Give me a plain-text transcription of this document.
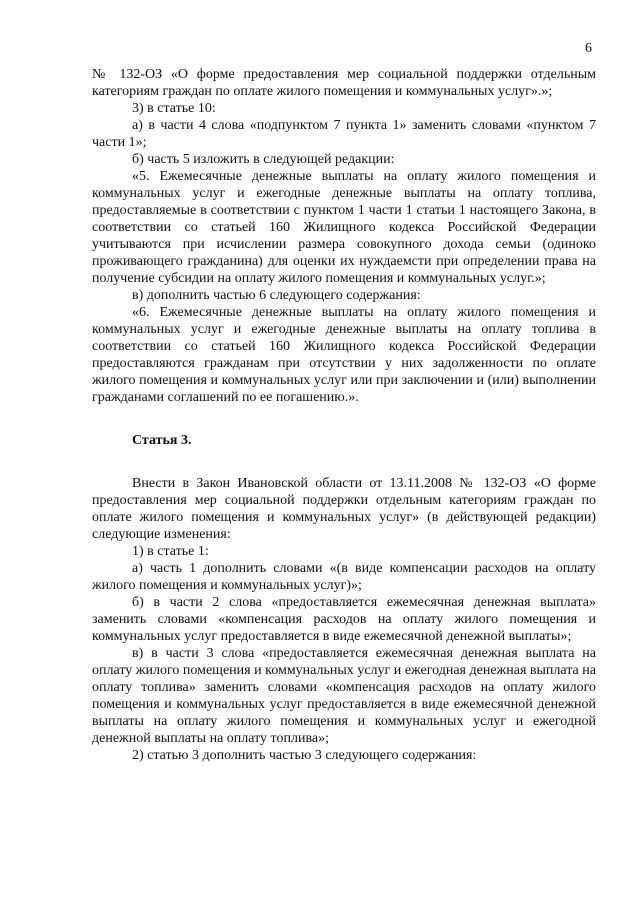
6

№ 132-ОЗ «О форме предоставления мер социальной поддержки отдельным категориям граждан по оплате жилого помещения и коммунальных услуг».»;

3) в статье 10:

а) в части 4 слова «подпунктом 7 пункта 1» заменить словами «пунктом 7 части 1»;

б) часть 5 изложить в следующей редакции:

«5. Ежемесячные денежные выплаты на оплату жилого помещения и коммунальных услуг и ежегодные денежные выплаты на оплату топлива, предоставляемые в соответствии с пунктом 1 части 1 статьи 1 настоящего Закона, в соответствии со статьей 160 Жилищного кодекса Российской Федерации учитываются при исчислении размера совокупного дохода семьи (одиноко проживающего гражданина) для оценки их нуждаемсти при определении права на получение субсидии на оплату жилого помещения и коммунальных услуг.»;

в) дополнить частью 6 следующего содержания:

«6. Ежемесячные денежные выплаты на оплату жилого помещения и коммунальных услуг и ежегодные денежные выплаты на оплату топлива в соответствии со статьей 160 Жилищного кодекса Российской Федерации предоставляются гражданам при отсутствии у них задолженности по оплате жилого помещения и коммунальных услуг или при заключении и (или) выполнении гражданами соглашений по ее погашению.».

Статья 3.

Внести в Закон Ивановской области от 13.11.2008 № 132-ОЗ «О форме предоставления мер социальной поддержки отдельным категориям граждан по оплате жилого помещения и коммунальных услуг» (в действующей редакции) следующие изменения:

1) в статье 1:

а) часть 1 дополнить словами «(в виде компенсации расходов на оплату жилого помещения и коммунальных услуг)»;

б) в части 2 слова «предоставляется ежемесячная денежная выплата» заменить словами «компенсация расходов на оплату жилого помещения и коммунальных услуг предоставляется в виде ежемесячной денежной выплаты»;

в) в части 3 слова «предоставляется ежемесячная денежная выплата на оплату жилого помещения и коммунальных услуг и ежегодная денежная выплата на оплату топлива» заменить словами «компенсация расходов на оплату жилого помещения и коммунальных услуг предоставляется в виде ежемесячной денежной выплаты на оплату жилого помещения и коммунальных услуг и ежегодной денежной выплаты на оплату топлива»;

2) статью 3 дополнить частью 3 следующего содержания:
